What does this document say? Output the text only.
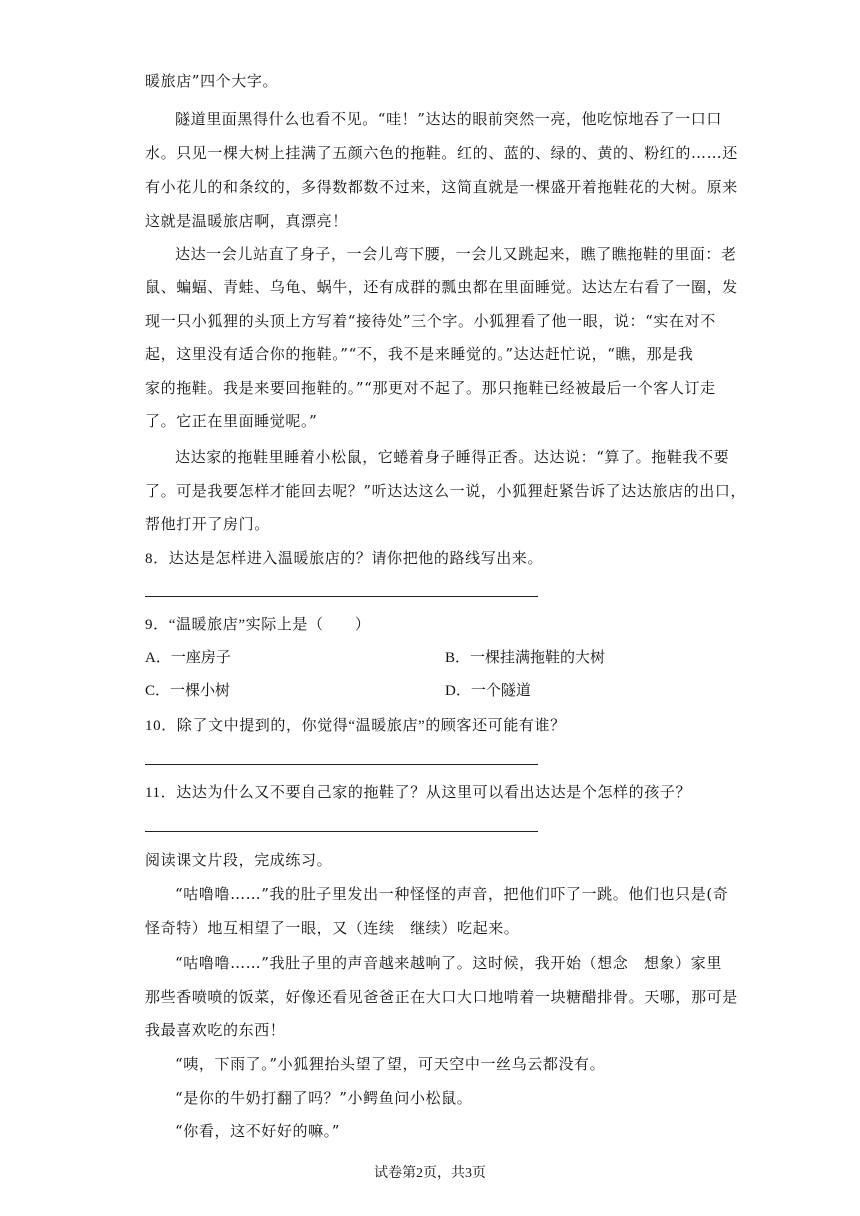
暖旅店”四个大字。
隧道里面黑得什么也看不见。“哇！”达达的眼前突然一亮，他吃惊地吞了一口口
水。只见一棵大树上挂满了五颜六色的拖鞋。红的、蓝的、绿的、黄的、粉红的……还
有小花儿的和条纹的，多得数都数不过来，这简直就是一棵盛开着拖鞋花的大树。原来
这就是温暖旅店啊，真漂亮！
达达一会儿站直了身子，一会儿弯下腰，一会儿又跳起来，瞧了瞧拖鞋的里面：老
鼠、蝙蝠、青蛙、乌龟、蜗牛，还有成群的瓢虫都在里面睡觉。达达左右看了一圈，发
现一只小狐狸的头顶上方写着“接待处”三个字。小狐狸看了他一眼，说：“实在对不
起，这里没有适合你的拖鞋。”“不，我不是来睡觉的。”达达赶忙说，“瞧，那是我
家的拖鞋。我是来要回拖鞋的。”“那更对不起了。那只拖鞋已经被最后一个客人订走
了。它正在里面睡觉呢。”
达达家的拖鞋里睡着小松鼠，它蜷着身子睡得正香。达达说：“算了。拖鞋我不要
了。可是我要怎样才能回去呢？”听达达这么一说，小狐狸赶紧告诉了达达旅店的出口，
帮他打开了房门。
8．达达是怎样进入温暖旅店的？请你把他的路线写出来。
9．“温暖旅店”实际上是（　　）
A．一座房子	B．一棵挂满拖鞋的大树
C．一棵小树	D．一个隧道
10．除了文中提到的，你觉得“温暖旅店”的顾客还可能有谁？
11．达达为什么又不要自己家的拖鞋了？从这里可以看出达达是个怎样的孩子？
阅读课文片段，完成练习。
“咕噜噜……”我的肚子里发出一种怪怪的声音，把他们吓了一跳。他们也只是(奇
怪奇特）地互相望了一眼，又（连续　继续）吃起来。
“咕噜噜……”我肚子里的声音越来越响了。这时候，我开始（想念　想象）家里
那些香喷喷的饭菜，好像还看见爸爸正在大口大口地啃着一块糖醋排骨。天哪，那可是
我最喜欢吃的东西！
“咦，下雨了。”小狐狸抬头望了望，可天空中一丝乌云都没有。
“是你的牛奶打翻了吗？”小鳄鱼问小松鼠。
“你看，这不好好的嘛。”
试卷第2页，共3页
